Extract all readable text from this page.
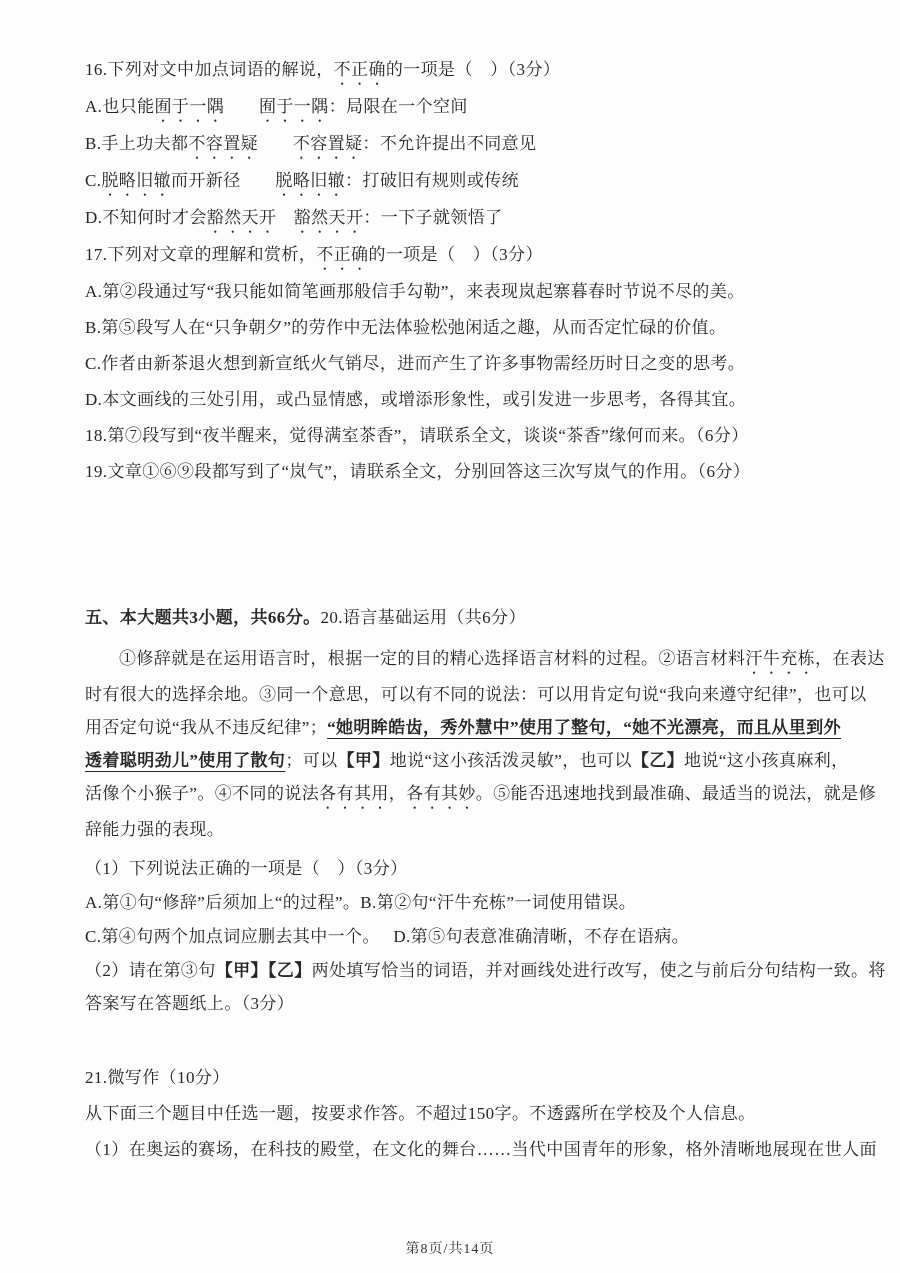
16.下列对文中加点词语的解说，不正确的一项是（　）（3分）
A.也只能囿于一隅　　 囿于一隅：局限在一个空间
B.手上功夫都不容置疑　　 不容置疑：不允许提出不同意见
C.脱略旧辙而开新径　　脱略旧辙：打破旧有规则或传统
D.不知何时才会豁然天开　 豁然天开：一下子就领悟了
17.下列对文章的理解和赏析，不正确的一项是（　）（3分）
A.第②段通过写“我只能如简笔画那般信手勾勒”，来表现岚起寨暮春时节说不尽的美。
B.第⑤段写人在“只争朝夕”的劳作中无法体验松弛闲适之趣，从而否定忙碌的价值。
C.作者由新茶退火想到新宣纸火气销尽，进而产生了许多事物需经历时日之变的思考。
D.本文画线的三处引用，或凸显情感，或增添形象性，或引发进一步思考，各得其宜。
18.第⑦段写到“夜半醒来，觉得满室茶香”，请联系全文，谈谈“茶香”缘何而来。（6分）
19.文章①⑥⑨段都写到了“岚气”，请联系全文，分别回答这三次写岚气的作用。（6分）
五、本大题共3小题，共66分。20.语言基础运用（共6分）
①修辞就是在运用语言时，根据一定的目的精心选择语言材料的过程。②语言材料汗牛充栋，在表达
时有很大的选择余地。③同一个意思，可以有不同的说法：可以用肯定句说“我向来遵守纪律”，也可以
用否定句说“我从不违反纪律”；“她明眸皓齿，秀外慧中”使用了整句，“她不光漂亮，而且从里到外
透着聪明劲儿”使用了散句；可以【甲】地说“这小孩活泼灵敏”，也可以【乙】地说“这小孩真麻利，
活像个小猴子”。④不同的说法各有其用，各有其妙。⑤能否迅速地找到最准确、最适当的说法，就是修
辞能力强的表现。
（1）下列说法正确的一项是（　）（3分）
A.第①句“修辞”后须加上“的过程”。B.第②句“汗牛充栋”一词使用错误。
C.第④句两个加点词应删去其中一个。　 D.第⑤句表意准确清晰，不存在语病。
（2）请在第③句【甲】【乙】两处填写恰当的词语，并对画线处进行改写，使之与前后分句结构一致。将
答案写在答题纸上。（3分）
21.微写作（10分）
从下面三个题目中任选一题，按要求作答。不超过150字。不透露所在学校及个人信息。
（1）在奥运的赛场，在科技的殿堂，在文化的舞台……当代中国青年的形象，格外清晰地展现在世人面
第8页/共14页
